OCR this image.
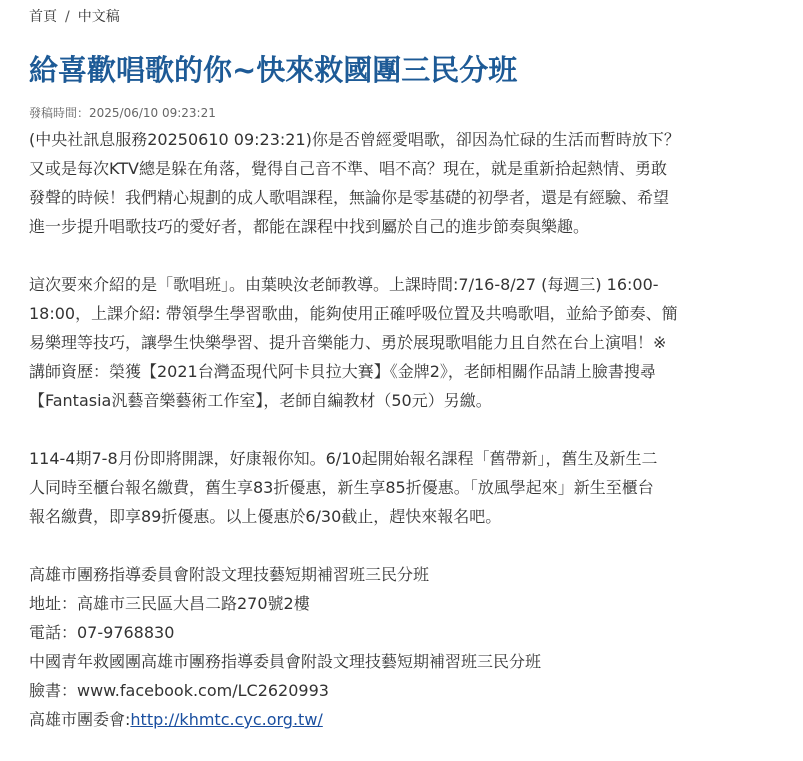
首頁 / 中文稿
給喜歡唱歌的你~快來救國團三民分班
發稿時間：2025/06/10 09:23:21
(中央社訊息服務20250610 09:23:21)你是否曾經愛唱歌，卻因為忙碌的生活而暫時放下？
又或是每次KTV總是躲在角落，覺得自己音不準、唱不高？現在，就是重新拾起熱情、勇敢
發聲的時候！我們精心規劃的成人歌唱課程，無論你是零基礎的初學者，還是有經驗、希望
進一步提升唱歌技巧的愛好者，都能在課程中找到屬於自己的進步節奏與樂趣。
這次要來介紹的是「歌唱班」。由葉映汝老師教導。上課時間:7/16-8/27 (每週三) 16:00-
18:00，上課介紹: 帶領學生學習歌曲，能夠使用正確呼吸位置及共鳴歌唱，並給予節奏、簡
易樂理等技巧，讓學生快樂學習、提升音樂能力、勇於展現歌唱能力且自然在台上演唱！※
講師資歷：榮獲【2021台灣盃現代阿卡貝拉大賽】《金牌2》，老師相關作品請上臉書搜尋
【Fantasia汎藝音樂藝術工作室】，老師自編教材（50元）另繳。
114-4期7-8月份即將開課，好康報你知。6/10起開始報名課程「舊帶新」，舊生及新生二
人同時至櫃台報名繳費，舊生享83折優惠，新生享85折優惠。「放風學起來」新生至櫃台
報名繳費，即享89折優惠。以上優惠於6/30截止，趕快來報名吧。
高雄市團務指導委員會附設文理技藝短期補習班三民分班
地址：高雄市三民區大昌二路270號2樓
電話：07-9768830
中國青年救國團高雄市團務指導委員會附設文理技藝短期補習班三民分班
臉書：www.facebook.com/LC2620993
高雄市團委會:http://khmtc.cyc.org.tw/
